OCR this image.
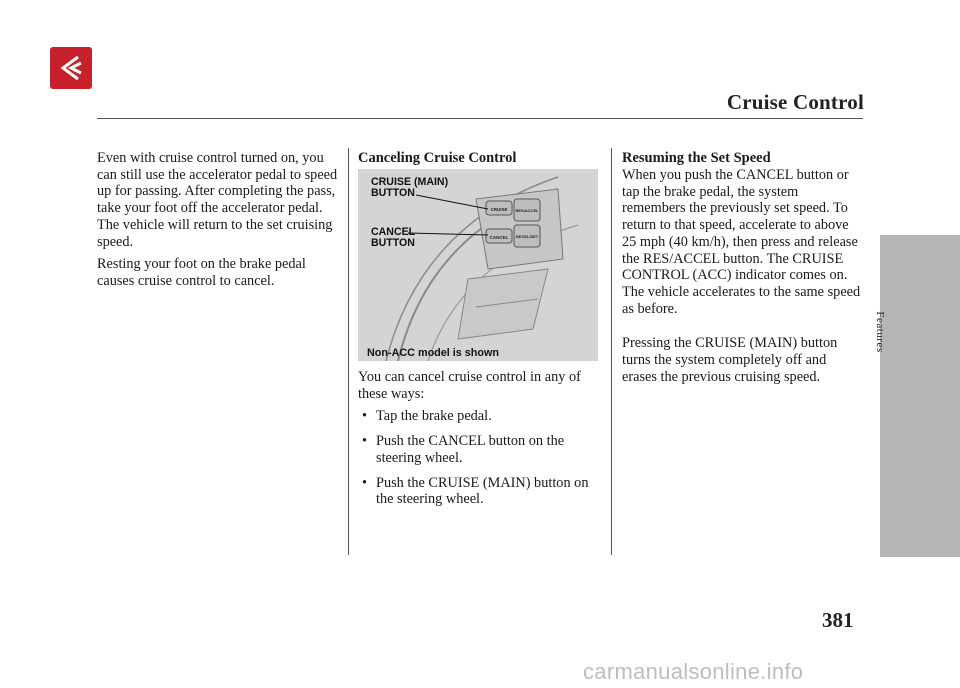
Cruise Control
Features

Even with cruise control turned on, you can still use the accelerator pedal to speed up for passing. After completing the pass, take your foot off the accelerator pedal. The vehicle will return to the set cruising speed.

Resting your foot on the brake pedal causes cruise control to cancel.

Canceling Cruise Control
CRUISE
CANCEL
RES/ACCEL
DECEL/SET
CRUISE (MAIN)
BUTTON
CANCEL
BUTTON
Non-ACC model is shown

You can cancel cruise control in any of these ways:

• Tap the brake pedal.
• Push the CANCEL button on the steering wheel.
• Push the CRUISE (MAIN) button on the steering wheel.
Resuming the Set Speed

When you push the CANCEL button or tap the brake pedal, the system remembers the previously set speed. To return to that speed, accelerate to above 25 mph (40 km/h), then press and release the RES/ACCEL button. The CRUISE CONTROL (ACC) indicator comes on. The vehicle accelerates to the same speed as before.

Pressing the CRUISE (MAIN) button turns the system completely off and erases the previous cruising speed.

381
carmanualsonline.info
